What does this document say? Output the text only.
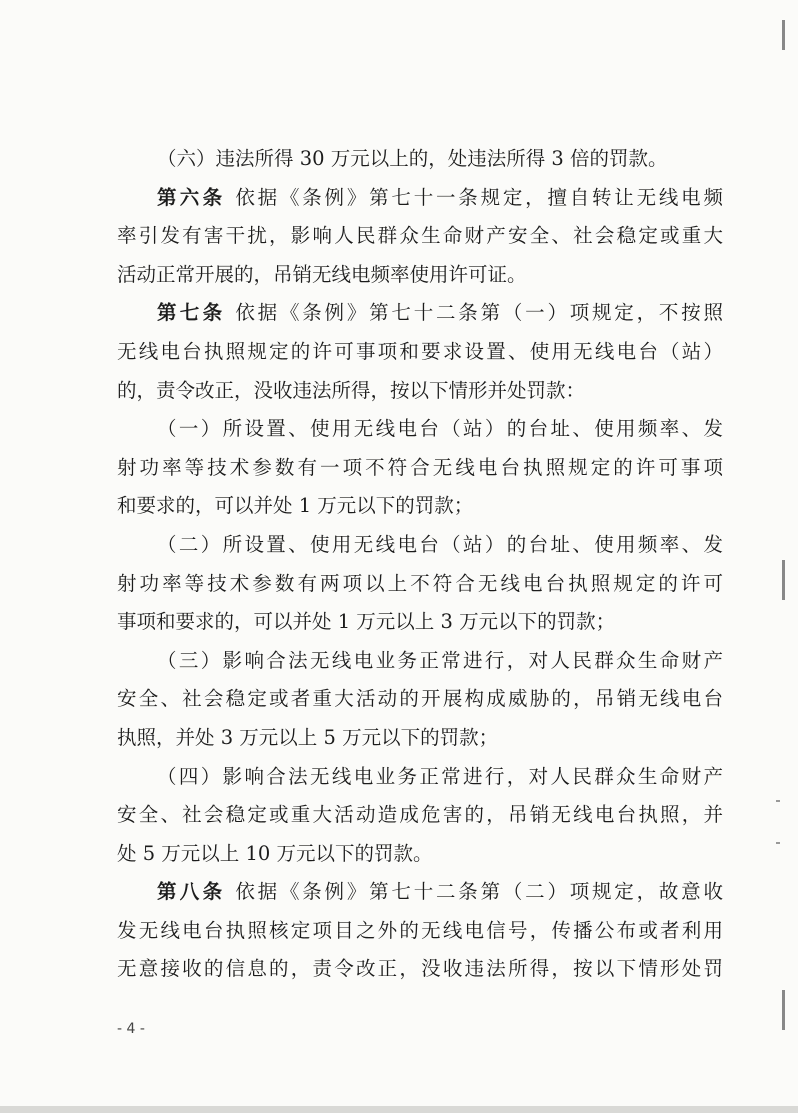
（六）违法所得 30 万元以上的，处违法所得 3 倍的罚款。
第六条 依据《条例》第七十一条规定，擅自转让无线电频
率引发有害干扰，影响人民群众生命财产安全、社会稳定或重大
活动正常开展的，吊销无线电频率使用许可证。
第七条 依据《条例》第七十二条第（一）项规定，不按照
无线电台执照规定的许可事项和要求设置、使用无线电台（站）
的，责令改正，没收违法所得，按以下情形并处罚款：
（一）所设置、使用无线电台（站）的台址、使用频率、发
射功率等技术参数有一项不符合无线电台执照规定的许可事项
和要求的，可以并处 1 万元以下的罚款；
（二）所设置、使用无线电台（站）的台址、使用频率、发
射功率等技术参数有两项以上不符合无线电台执照规定的许可
事项和要求的，可以并处 1 万元以上 3 万元以下的罚款；
（三）影响合法无线电业务正常进行，对人民群众生命财产
安全、社会稳定或者重大活动的开展构成威胁的，吊销无线电台
执照，并处 3 万元以上 5 万元以下的罚款；
（四）影响合法无线电业务正常进行，对人民群众生命财产
安全、社会稳定或重大活动造成危害的，吊销无线电台执照，并
处 5 万元以上 10 万元以下的罚款。
第八条 依据《条例》第七十二条第（二）项规定，故意收
发无线电台执照核定项目之外的无线电信号，传播公布或者利用
无意接收的信息的，责令改正，没收违法所得，按以下情形处罚
- 4 -
